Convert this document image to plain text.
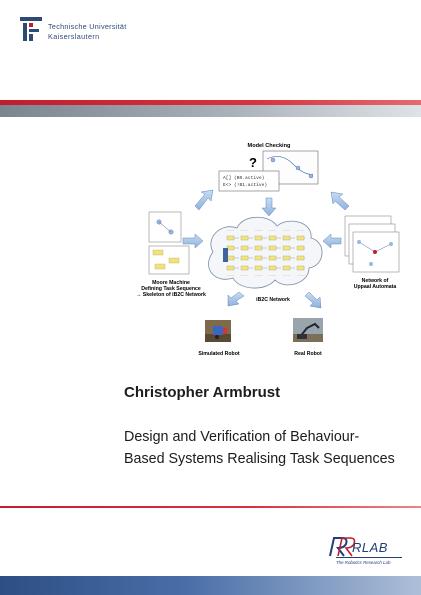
Technische Universität
Kaiserslautern
Model Checking
?
A[] (B0.active)
E<> (!B1.active)
Moore Machine
Defining Task Sequence
→ Skeleton of iB2C Network
iB2C Network
Network of
Uppaal Automata
Simulated Robot	Real Robot
Christopher Armbrust
Design and Verification of Behaviour-
Based Systems Realising Task Sequences
RLAB
The Robotics Research Lab
